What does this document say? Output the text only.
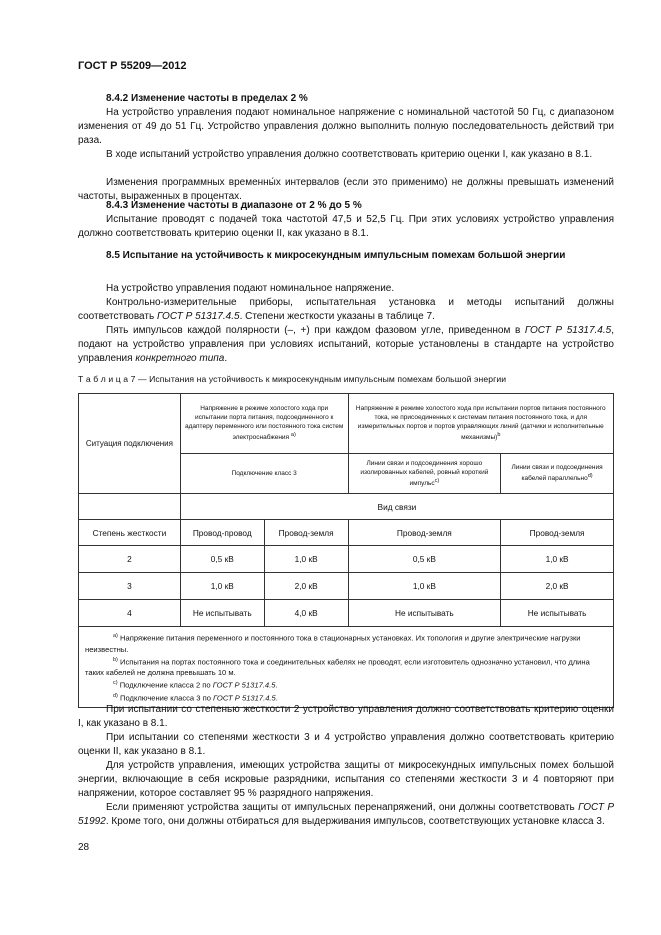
ГОСТ Р 55209—2012
8.4.2 Изменение частоты в пределах 2 %
На устройство управления подают номинальное напряжение с номинальной частотой 50 Гц, с диапазоном изменения от 49 до 51 Гц. Устройство управления должно выполнить полную последовательность действий три раза.
В ходе испытаний устройство управления должно соответствовать критерию оценки I, как указано в 8.1.
Изменения программных временны́х интервалов (если это применимо) не должны превышать изменений частоты, выраженных в процентах.
8.4.3 Изменение частоты в диапазоне от 2 % до 5 %
Испытание проводят с подачей тока частотой 47,5 и 52,5 Гц. При этих условиях устройство управления должно соответствовать критерию оценки II, как указано в 8.1.
8.5 Испытание на устойчивость к микросекундным импульсным помехам большой энергии
На устройство управления подают номинальное напряжение.
Контрольно-измерительные приборы, испытательная установка и методы испытаний должны соответствовать ГОСТ Р 51317.4.5. Степени жесткости указаны в таблице 7.
Пять импульсов каждой полярности (–, +) при каждом фазовом угле, приведенном в ГОСТ Р 51317.4.5, подают на устройство управления при условиях испытаний, которые установлены в стандарте на устройство управления конкретного типа.
Т а б л и ц а 7 — Испытания на устойчивость к микросекундным импульсным помехам большой энергии
Ситуация подключения	Напряжение в режиме холостого хода при испытании порта питания, подсоединенного к адаптеру переменного или постоянного тока систем электроснабжения $^{a)}$		Напряжение в режиме холостого хода при испытании портов питания постоянного тока, не присоединенных к системам питания постоянного тока, и для измерительных портов и портов управляющих линий (датчики и исполнительные механизмы)$^b$
	Подключение класс 3		Линии связи и подсоединения хорошо изолированных кабелей, ровный короткий импульс$^{c)}$	Линии связи и подсоединения кабелей параллельно$^{d)}$
	Вид связи			
Степень жесткости	Провод-провод	Провод-земля	Провод-земля	Провод-земля
2	0,5 кВ	1,0 кВ	0,5 кВ	1,0 кВ
3	1,0 кВ	2,0 кВ	1,0 кВ	2,0 кВ
4	Не испытывать	4,0 кВ	Не испытывать	Не испытывать

$^{a)}$ Напряжение питания переменного и постоянного тока в стационарных установках. Их топология и другие электрические нагрузки неизвестны.
$^{b)}$ Испытания на портах постоянного тока и соединительных кабелях не проводят, если изготовитель однозначно установил, что длина таких кабелей не должна превышать 10 м.
$^{c)}$ Подключение класса 2 по ГОСТ Р 51317.4.5.
$^{d)}$ Подключение класса 3 по ГОСТ Р 51317.4.5.				
При испытании со степенью жесткости 2 устройство управления должно соответствовать критерию оценки I, как указано в 8.1.
При испытании со степенями жесткости 3 и 4 устройство управления должно соответствовать критерию оценки II, как указано в 8.1.
Для устройств управления, имеющих устройства защиты от микросекундных импульсных помех большой энергии, включающие в себя искровые разрядники, испытания со степенями жесткости 3 и 4 повторяют при напряжении, которое составляет 95 % разрядного напряжения.
Если применяют устройства защиты от импульсных перенапряжений, они должны соответствовать ГОСТ Р 51992. Кроме того, они должны отбираться для выдерживания импульсов, соответствующих установке класса 3.
28
